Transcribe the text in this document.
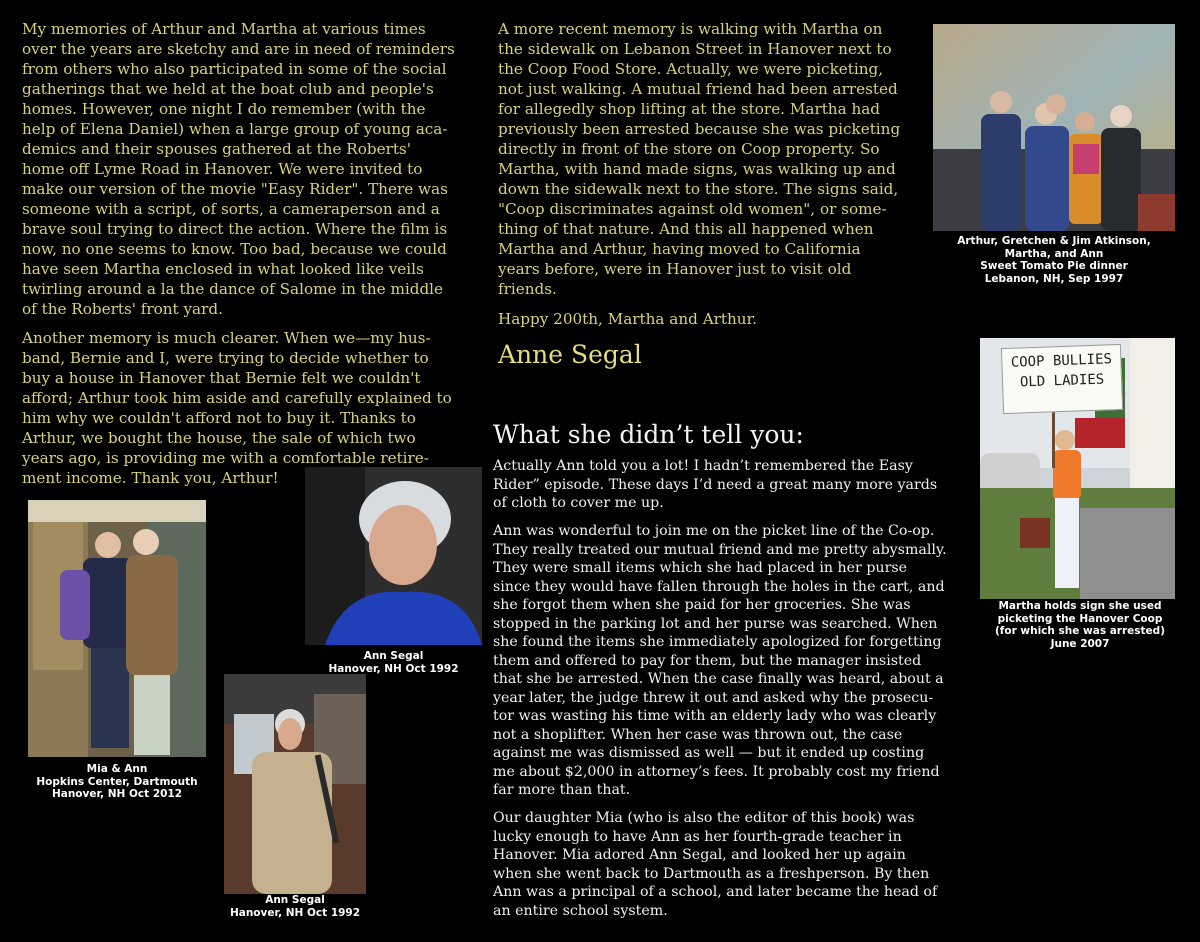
My memories of Arthur and Martha at various times
over the years are sketchy and are in need of reminders
from others who also participated in some of the social
gatherings that we held at the boat club and people's
homes. However, one night I do remember (with the
help of Elena Daniel) when a large group of young aca-
demics and their spouses gathered at the Roberts'
home off Lyme Road in Hanover. We were invited to
make our version of the movie "Easy Rider". There was
someone with a script, of sorts, a cameraperson and a
brave soul trying to direct the action. Where the film is
now, no one seems to know. Too bad, because we could
have seen Martha enclosed in what looked like veils
twirling around a la the dance of Salome in the middle
of the Roberts' front yard.

Another memory is much clearer. When we—my hus-
band, Bernie and I, were trying to decide whether to
buy a house in Hanover that Bernie felt we couldn't
afford; Arthur took him aside and carefully explained to
him why we couldn't afford not to buy it. Thanks to
Arthur, we bought the house, the sale of which two
years ago, is providing me with a comfortable retire-
ment income. Thank you, Arthur!

A more recent memory is walking with Martha on
the sidewalk on Lebanon Street in Hanover next to
the Coop Food Store. Actually, we were picketing,
not just walking. A mutual friend had been arrested
for allegedly shop lifting at the store. Martha had
previously been arrested because she was picketing
directly in front of the store on Coop property. So
Martha, with hand made signs, was walking up and
down the sidewalk next to the store. The signs said,
"Coop discriminates against old women", or some-
thing of that nature. And this all happened when
Martha and Arthur, having moved to California
years before, were in Hanover just to visit old
friends.

Happy 200th, Martha and Arthur.

Anne Segal
What she didn’t tell you:

Actually Ann told you a lot! I hadn’t remembered the Easy
Rider” episode. These days I’d need a great many more yards
of cloth to cover me up.

Ann was wonderful to join me on the picket line of the Co-op.
They really treated our mutual friend and me pretty abysmally.
They were small items which she had placed in her purse
since they would have fallen through the holes in the cart, and
she forgot them when she paid for her groceries. She was
stopped in the parking lot and her purse was searched. When
she found the items she immediately apologized for forgetting
them and offered to pay for them, but the manager insisted
that she be arrested. When the case finally was heard, about a
year later, the judge threw it out and asked why the prosecu-
tor was wasting his time with an elderly lady who was clearly
not a shoplifter. When her case was thrown out, the case
against me was dismissed as well — but it ended up costing
me about $2,000 in attorney’s fees. It probably cost my friend
far more than that.

Our daughter Mia (who is also the editor of this book) was
lucky enough to have Ann as her fourth-grade teacher in
Hanover. Mia adored Ann Segal, and looked her up again
when she went back to Dartmouth as a freshperson. By then
Ann was a principal of a school, and later became the head of
an entire school system.

Arthur, Gretchen & Jim Atkinson,
Martha, and Ann
Sweet Tomato Pie dinner
Lebanon, NH, Sep 1997
COOP BULLIES
OLD LADIES
Martha holds sign she used
picketing the Hanover Coop
(for which she was arrested)
June 2007
Mia & Ann
Hopkins Center, Dartmouth
Hanover, NH Oct 2012
Ann Segal
Hanover, NH Oct 1992
Ann Segal
Hanover, NH Oct 1992
